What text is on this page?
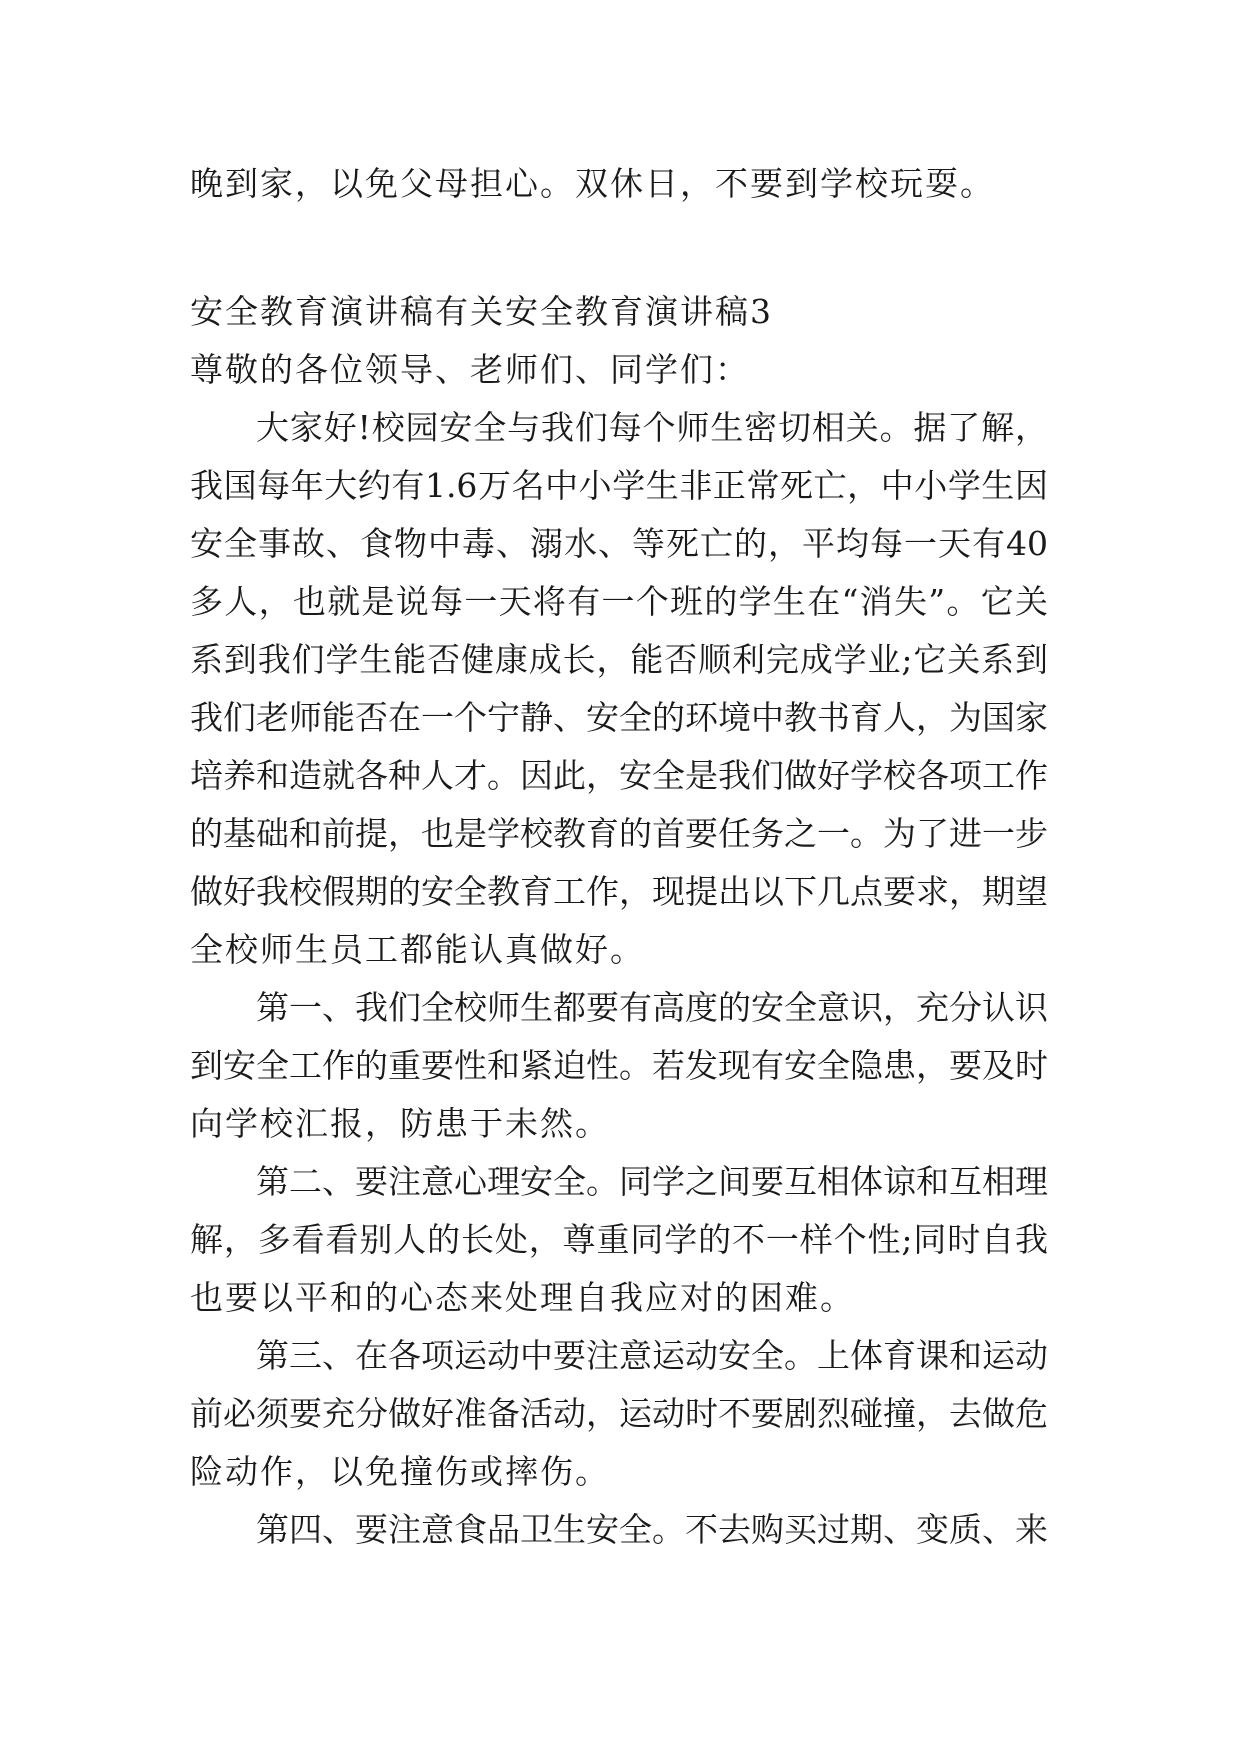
晚到家，以免父母担心。双休日，不要到学校玩耍。
安全教育演讲稿有关安全教育演讲稿3
尊敬的各位领导、老师们、同学们：
大家好!校园安全与我们每个师生密切相关。据了解，
我国每年大约有1.6万名中小学生非正常死亡，中小学生因
安全事故、食物中毒、溺水、等死亡的，平均每一天有40
多人，也就是说每一天将有一个班的学生在“消失”。它关
系到我们学生能否健康成长，能否顺利完成学业;它关系到
我们老师能否在一个宁静、安全的环境中教书育人，为国家
培养和造就各种人才。因此，安全是我们做好学校各项工作
的基础和前提，也是学校教育的首要任务之一。为了进一步
做好我校假期的安全教育工作，现提出以下几点要求，期望
全校师生员工都能认真做好。
第一、我们全校师生都要有高度的安全意识，充分认识
到安全工作的重要性和紧迫性。若发现有安全隐患，要及时
向学校汇报，防患于未然。
第二、要注意心理安全。同学之间要互相体谅和互相理
解，多看看别人的长处，尊重同学的不一样个性;同时自我
也要以平和的心态来处理自我应对的困难。
第三、在各项运动中要注意运动安全。上体育课和运动
前必须要充分做好准备活动，运动时不要剧烈碰撞，去做危
险动作，以免撞伤或摔伤。
第四、要注意食品卫生安全。不去购买过期、变质、来
